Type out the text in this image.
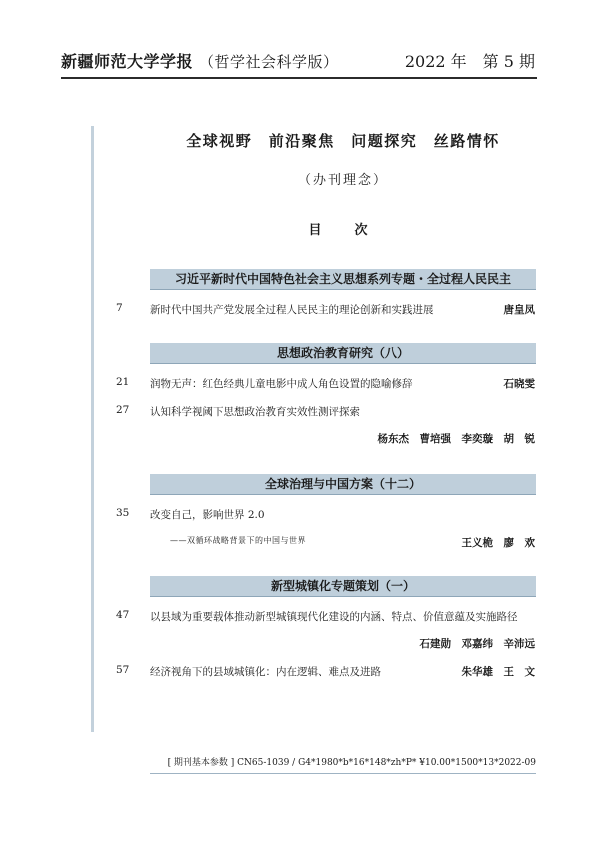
新疆师范大学学报 （哲学社会科学版）	2022 年　第 5 期
全球视野　前沿聚焦　问题探究　丝路情怀
（办刊理念）
目　次
习近平新时代中国特色社会主义思想系列专题・全过程人民民主
7	新时代中国共产党发展全过程人民民主的理论创新和实践进展	唐皇凤
思想政治教育研究（八）
21 润物无声：红色经典儿童电影中成人角色设置的隐喻修辞	石晓雯
27 认知科学视阈下思想政治教育实效性测评探索
杨东杰　曹培强　李奕璇　胡　锐
全球治理与中国方案（十二）
35 改变自己，影响世界 2.0
——双循环战略背景下的中国与世界	王义桅　廖　欢
新型城镇化专题策划（一）
47 以县域为重要载体推动新型城镇现代化建设的内涵、特点、价值意蕴及实施路径
石建勋　邓嘉纬　辛沛远
57 经济视角下的县域城镇化：内在逻辑、难点及进路	朱华雄　王　文
[ 期刊基本参数 ] CN65-1039 / G4*1980*b*16*148*zh*P* ¥10.00*1500*13*2022-09
